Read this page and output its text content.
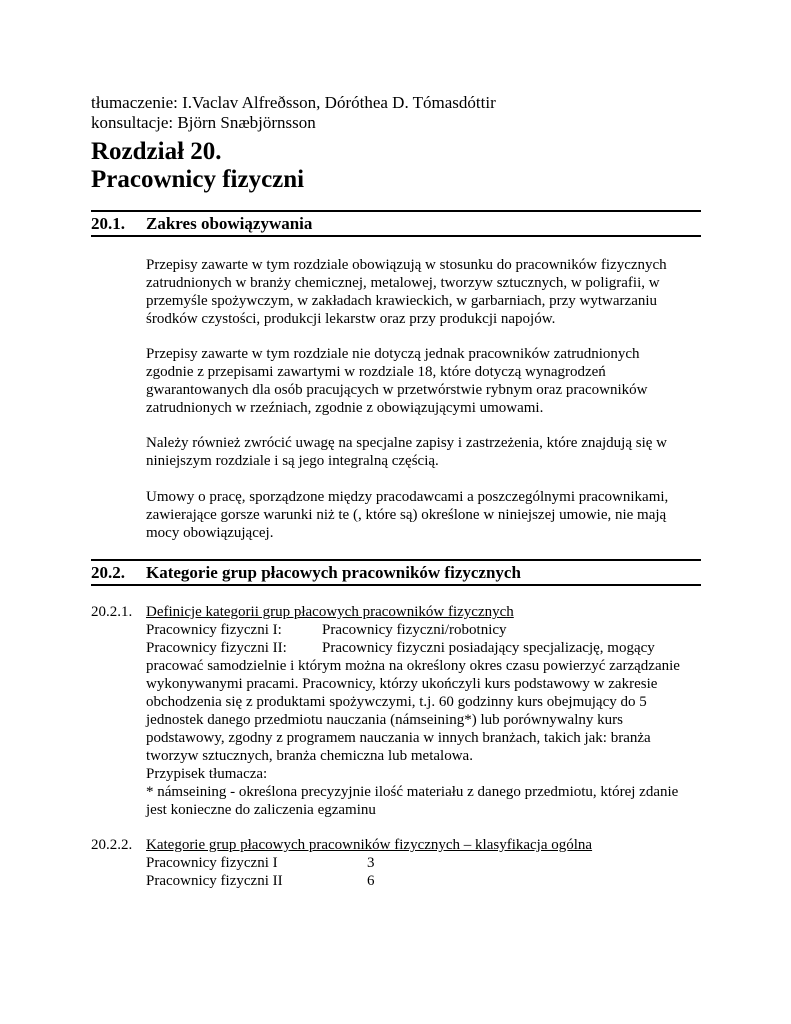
tłumaczenie: I.Vaclav Alfreðsson, Dóróthea D. Tómasdóttir
konsultacje: Björn Snæbjörnsson
Rozdział 20.
Pracownicy fizyczni
20.1. Zakres obowiązywania
Przepisy zawarte w tym rozdziale obowiązują w stosunku do pracowników fizycznych
zatrudnionych w branży chemicznej, metalowej, tworzyw sztucznych, w poligrafii, w
przemyśle spożywczym, w zakładach krawieckich, w garbarniach, przy wytwarzaniu
środków czystości, produkcji lekarstw oraz przy produkcji napojów.
Przepisy zawarte w tym rozdziale nie dotyczą jednak pracowników zatrudnionych
zgodnie z przepisami zawartymi w rozdziale 18, które dotyczą wynagrodzeń
gwarantowanych dla osób pracujących w przetwórstwie rybnym oraz pracowników
zatrudnionych w rzeźniach, zgodnie z obowiązującymi umowami.
Należy również zwrócić uwagę na specjalne zapisy i zastrzeżenia, które znajdują się w
niniejszym rozdziale i są jego integralną częścią.
Umowy o pracę, sporządzone między pracodawcami a poszczególnymi pracownikami,
zawierające gorsze warunki niż te (, które są) określone w niniejszej umowie, nie mają
mocy obowiązującej.
20.2. Kategorie grup płacowych pracowników fizycznych
20.2.1. Definicje kategorii grup płacowych pracowników fizycznych
Pracownicy fizyczni I:	Pracownicy fizyczni/robotnicy
Pracownicy fizyczni II: Pracownicy fizyczni posiadający specjalizację, mogący
pracować samodzielnie i którym można na określony okres czasu powierzyć zarządzanie
wykonywanymi pracami. Pracownicy, którzy ukończyli kurs podstawowy w zakresie
obchodzenia się z produktami spożywczymi, t.j. 60 godzinny kurs obejmujący do 5
jednostek danego przedmiotu nauczania (námseining*) lub porównywalny kurs
podstawowy, zgodny z programem nauczania w innych branżach, takich jak: branża
tworzyw sztucznych, branża chemiczna lub metalowa.
Przypisek tłumacza:
* námseining - określona precyzyjnie ilość materiału z danego przedmiotu, której zdanie
jest konieczne do zaliczenia egzaminu
20.2.2. Kategorie grup płacowych pracowników fizycznych – klasyfikacja ogólna
Pracownicy fizyczni I	3
Pracownicy fizyczni II	6
